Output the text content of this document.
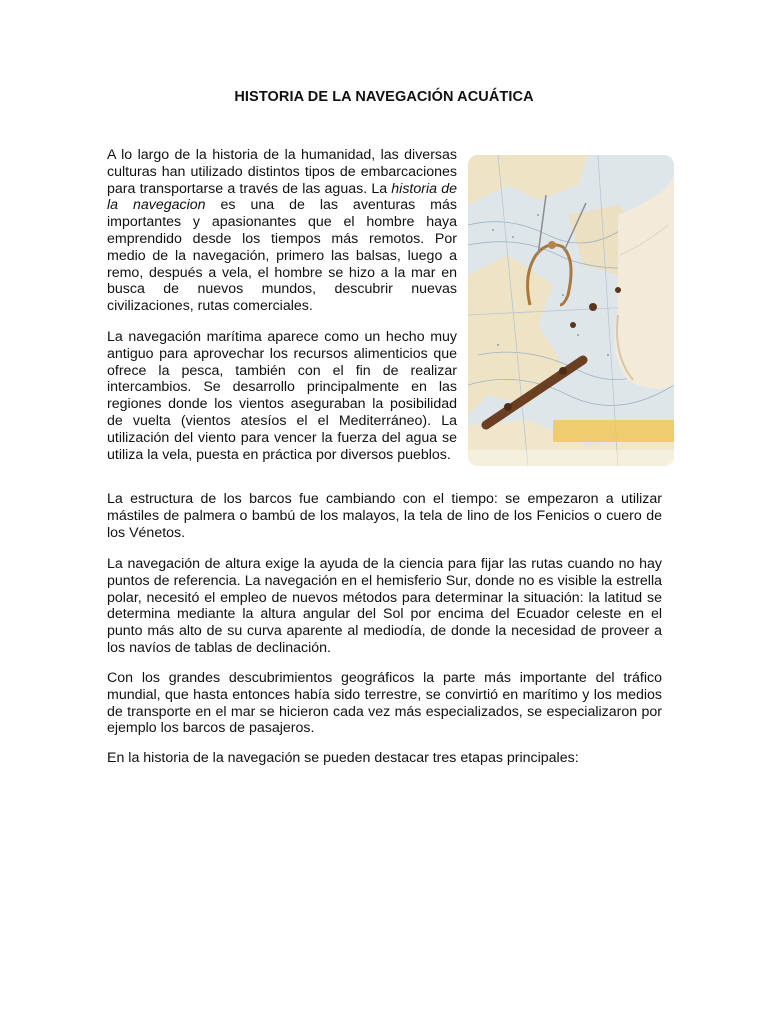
HISTORIA DE LA NAVEGACIÓN ACUÁTICA

A lo largo de la historia de la humanidad, las diversas culturas han utilizado distintos tipos de embarcaciones para transportarse a través de las aguas. La historia de la navegacion es una de las aventuras más importantes y apasionantes que el hombre haya emprendido desde los tiempos más remotos. Por medio de la navegación, primero las balsas, luego a remo, después a vela, el hombre se hizo a la mar en busca de nuevos mundos, descubrir nuevas civilizaciones, rutas comerciales.

La navegación marítima aparece como un hecho muy antiguo para aprovechar los recursos alimenticios que ofrece la pesca, también con el fin de realizar intercambios. Se desarrollo principalmente en las regiones donde los vientos aseguraban la posibilidad de vuelta (vientos atesíos el el Mediterráneo). La utilización del viento para vencer la fuerza del agua se utiliza la vela, puesta en práctica por diversos pueblos.

La estructura de los barcos fue cambiando con el tiempo: se empezaron a utilizar mástiles de palmera o bambú de los malayos, la tela de lino de los Fenicios o cuero de los Vénetos.

La navegación de altura exige la ayuda de la ciencia para fijar las rutas cuando no hay puntos de referencia. La navegación en el hemisferio Sur, donde no es visible la estrella polar, necesitó el empleo de nuevos métodos para determinar la situación: la latitud se determina mediante la altura angular del Sol por encima del Ecuador celeste en el punto más alto de su curva aparente al mediodía, de donde la necesidad de proveer a los navíos de tablas de declinación.

Con los grandes descubrimientos geográficos la parte más importante del tráfico mundial, que hasta entonces había sido terrestre, se convirtió en marítimo y los medios de transporte en el mar se hicieron cada vez más especializados, se especializaron por ejemplo los barcos de pasajeros.

En la historia de la navegación se pueden destacar tres etapas principales:
